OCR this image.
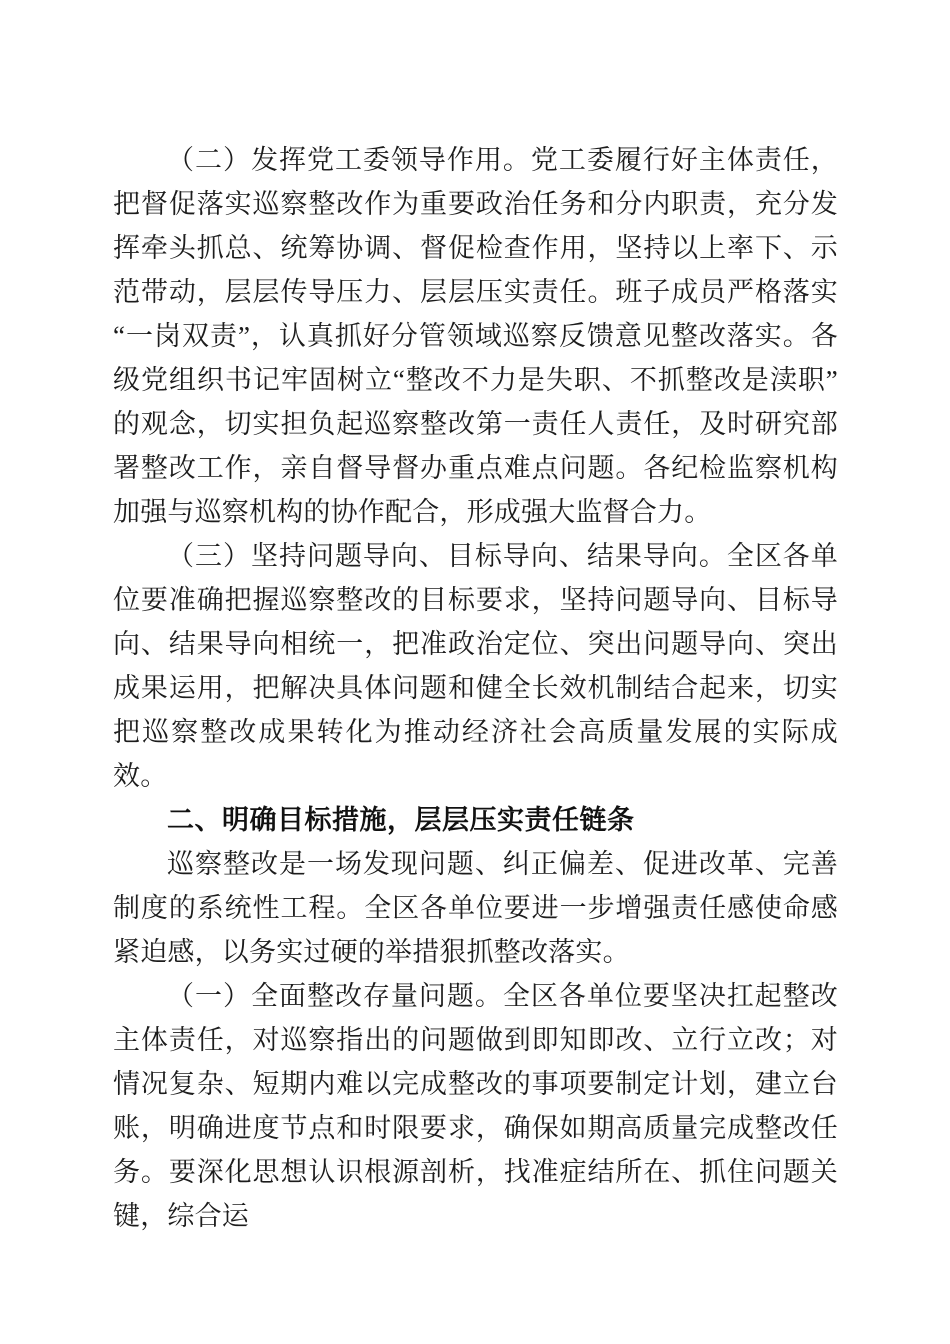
（二）发挥党工委领导作用。党工委履行好主体责任，把督促落实巡察整改作为重要政治任务和分内职责，充分发挥牵头抓总、统筹协调、督促检查作用，坚持以上率下、示范带动，层层传导压力、层层压实责任。班子成员严格落实“一岗双责”，认真抓好分管领域巡察反馈意见整改落实。各级党组织书记牢固树立“整改不力是失职、不抓整改是渎职”的观念，切实担负起巡察整改第一责任人责任，及时研究部署整改工作，亲自督导督办重点难点问题。各纪检监察机构加强与巡察机构的协作配合，形成强大监督合力。

（三）坚持问题导向、目标导向、结果导向。全区各单位要准确把握巡察整改的目标要求，坚持问题导向、目标导向、结果导向相统一，把准政治定位、突出问题导向、突出成果运用，把解决具体问题和健全长效机制结合起来，切实把巡察整改成果转化为推动经济社会高质量发展的实际成效。

二、明确目标措施，层层压实责任链条

巡察整改是一场发现问题、纠正偏差、促进改革、完善制度的系统性工程。全区各单位要进一步增强责任感使命感紧迫感，以务实过硬的举措狠抓整改落实。

（一）全面整改存量问题。全区各单位要坚决扛起整改主体责任，对巡察指出的问题做到即知即改、立行立改；对情况复杂、短期内难以完成整改的事项要制定计划，建立台账，明确进度节点和时限要求，确保如期高质量完成整改任务。要深化思想认识根源剖析，找准症结所在、抓住问题关键，综合运
